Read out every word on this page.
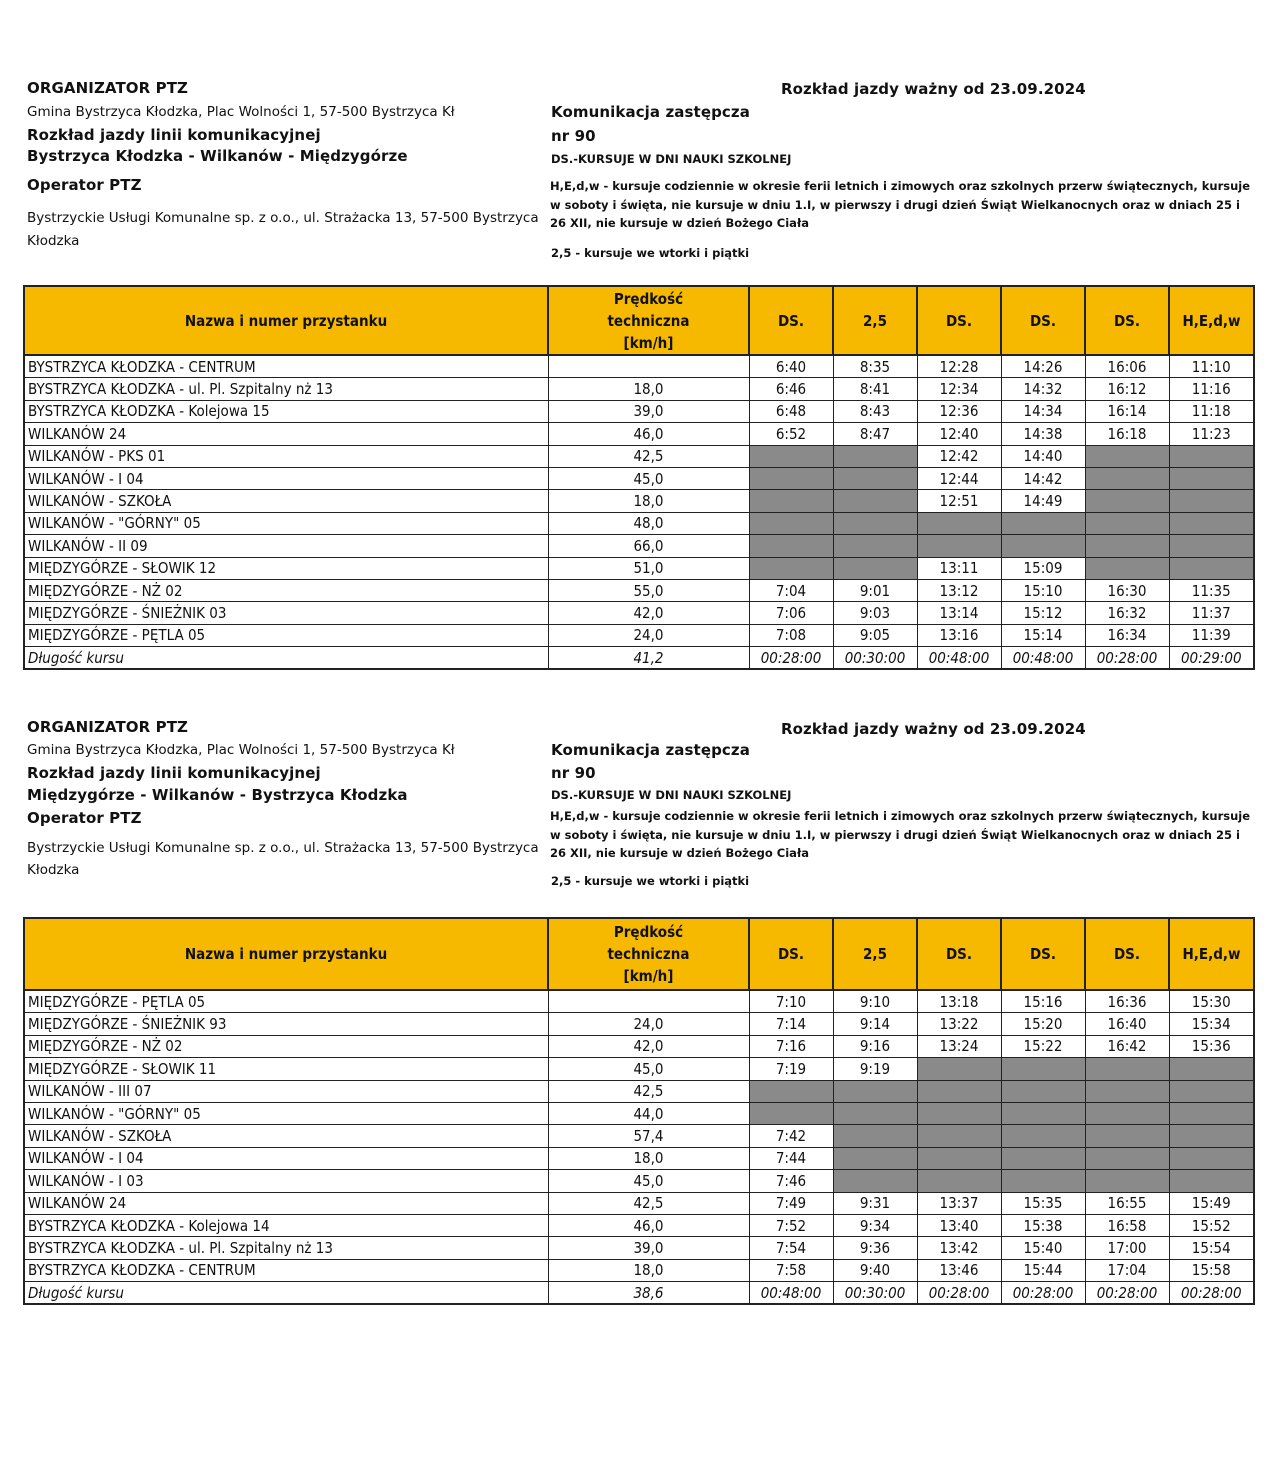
ORGANIZATOR PTZ
Gmina Bystrzyca Kłodzka, Plac Wolności 1, 57-500 Bystrzyca Kł
Rozkład jazdy linii komunikacyjnej
Bystrzyca Kłodzka - Wilkanów - Międzygórze
Operator PTZ
Bystrzyckie Usługi Komunalne sp. z o.o., ul. Strażacka 13, 57-500 Bystrzyca
Kłodzka
Rozkład jazdy ważny od 23.09.2024
Komunikacja zastępcza
nr 90
DS.-KURSUJE W DNI NAUKI SZKOLNEJ
H,E,d,w - kursuje codziennie w okresie ferii letnich i zimowych oraz szkolnych przerw świątecznych, kursuje w soboty i święta, nie kursuje w dniu 1.I, w pierwszy i drugi dzień Świąt Wielkanocnych oraz w dniach 25 i 26 XII, nie kursuje w dzień Bożego Ciała
2,5 - kursuje we wtorki i piątki
Nazwa i numer przystanku	Prędkość techniczna [km/h]	DS.	2,5	DS.	DS.	DS.	H,E,d,w
BYSTRZYCA KŁODZKA - CENTRUM		6:40	8:35	12:28	14:26	16:06	11:10
BYSTRZYCA KŁODZKA - ul. Pl. Szpitalny nż 13	18,0	6:46	8:41	12:34	14:32	16:12	11:16
BYSTRZYCA KŁODZKA - Kolejowa 15	39,0	6:48	8:43	12:36	14:34	16:14	11:18
WILKANÓW 24	46,0	6:52	8:47	12:40	14:38	16:18	11:23
WILKANÓW - PKS 01	42,5			12:42	14:40		
WILKANÓW - I 04	45,0			12:44	14:42		
WILKANÓW - SZKOŁA	18,0			12:51	14:49		
WILKANÓW - "GÓRNY" 05	48,0						
WILKANÓW - II 09	66,0						
MIĘDZYGÓRZE - SŁOWIK 12	51,0			13:11	15:09		
MIĘDZYGÓRZE - NŻ 02	55,0	7:04	9:01	13:12	15:10	16:30	11:35
MIĘDZYGÓRZE - ŚNIEŻNIK 03	42,0	7:06	9:03	13:14	15:12	16:32	11:37
MIĘDZYGÓRZE - PĘTLA 05	24,0	7:08	9:05	13:16	15:14	16:34	11:39
Długość kursu	41,2	00:28:00	00:30:00	00:48:00	00:48:00	00:28:00	00:29:00
ORGANIZATOR PTZ
Gmina Bystrzyca Kłodzka, Plac Wolności 1, 57-500 Bystrzyca Kł
Rozkład jazdy linii komunikacyjnej
Międzygórze - Wilkanów - Bystrzyca Kłodzka
Operator PTZ
Bystrzyckie Usługi Komunalne sp. z o.o., ul. Strażacka 13, 57-500 Bystrzyca
Kłodzka
Rozkład jazdy ważny od 23.09.2024
Komunikacja zastępcza
nr 90
DS.-KURSUJE W DNI NAUKI SZKOLNEJ
H,E,d,w - kursuje codziennie w okresie ferii letnich i zimowych oraz szkolnych przerw świątecznych, kursuje w soboty i święta, nie kursuje w dniu 1.I, w pierwszy i drugi dzień Świąt Wielkanocnych oraz w dniach 25 i 26 XII, nie kursuje w dzień Bożego Ciała
2,5 - kursuje we wtorki i piątki
Nazwa i numer przystanku	Prędkość techniczna [km/h]	DS.	2,5	DS.	DS.	DS.	H,E,d,w
MIĘDZYGÓRZE - PĘTLA 05		7:10	9:10	13:18	15:16	16:36	15:30
MIĘDZYGÓRZE - ŚNIEŻNIK 93	24,0	7:14	9:14	13:22	15:20	16:40	15:34
MIĘDZYGÓRZE - NŻ 02	42,0	7:16	9:16	13:24	15:22	16:42	15:36
MIĘDZYGÓRZE - SŁOWIK 11	45,0	7:19	9:19				
WILKANÓW - III 07	42,5						
WILKANÓW - "GÓRNY" 05	44,0						
WILKANÓW - SZKOŁA	57,4	7:42					
WILKANÓW - I 04	18,0	7:44					
WILKANÓW - I 03	45,0	7:46					
WILKANÓW 24	42,5	7:49	9:31	13:37	15:35	16:55	15:49
BYSTRZYCA KŁODZKA - Kolejowa 14	46,0	7:52	9:34	13:40	15:38	16:58	15:52
BYSTRZYCA KŁODZKA - ul. Pl. Szpitalny nż 13	39,0	7:54	9:36	13:42	15:40	17:00	15:54
BYSTRZYCA KŁODZKA - CENTRUM	18,0	7:58	9:40	13:46	15:44	17:04	15:58
Długość kursu	38,6	00:48:00	00:30:00	00:28:00	00:28:00	00:28:00	00:28:00
